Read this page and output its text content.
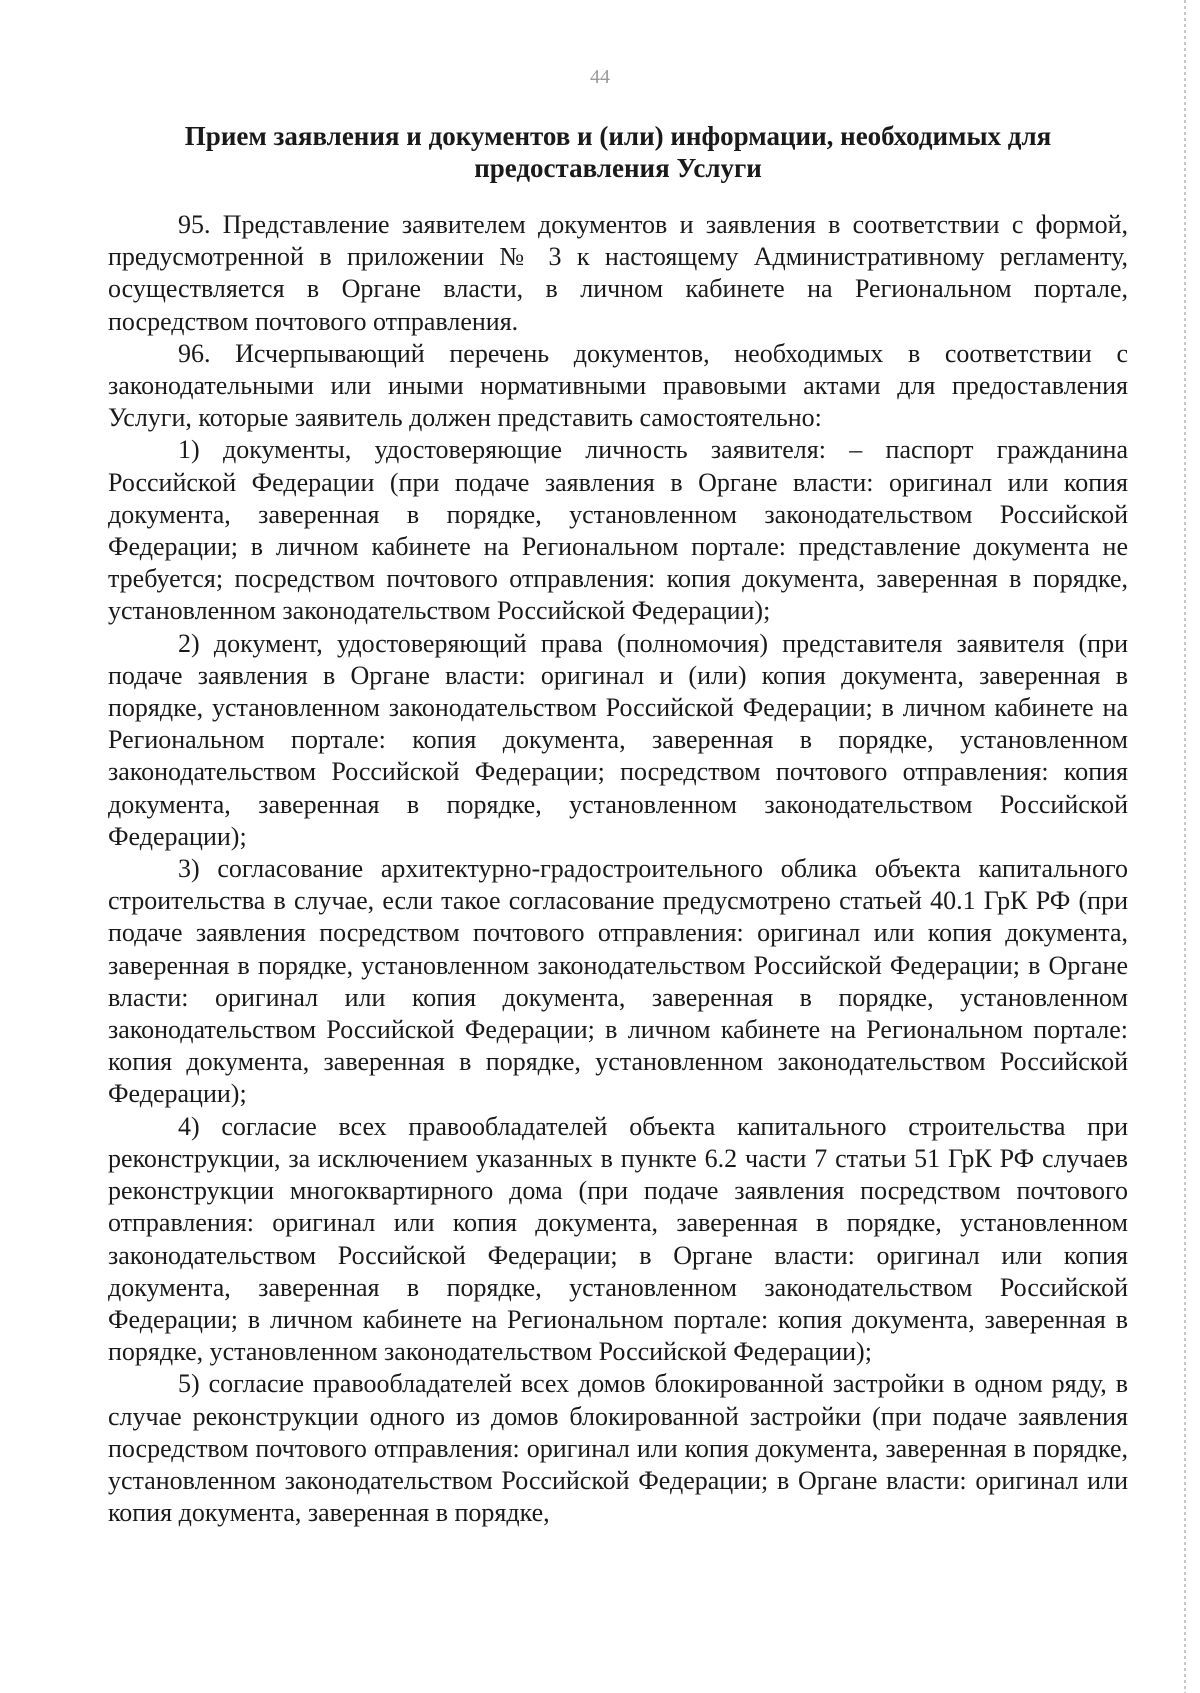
44
Прием заявления и документов и (или) информации, необходимых для
предоставления Услуги

95. Представление заявителем документов и заявления в соответствии с формой, предусмотренной в приложении № 3 к настоящему Административному регламенту, осуществляется в Органе власти, в личном кабинете на Региональном портале, посредством почтового отправления.

96. Исчерпывающий перечень документов, необходимых в соответствии с законодательными или иными нормативными правовыми актами для предоставления Услуги, которые заявитель должен представить самостоятельно:

1) документы, удостоверяющие личность заявителя: – паспорт гражданина Российской Федерации (при подаче заявления в Органе власти: оригинал или копия документа, заверенная в порядке, установленном законодательством Российской Федерации; в личном кабинете на Региональном портале: представление документа не требуется; посредством почтового отправления: копия документа, заверенная в порядке, установленном законодательством Российской Федерации);

2) документ, удостоверяющий права (полномочия) представителя заявителя (при подаче заявления в Органе власти: оригинал и (или) копия документа, заверенная в порядке, установленном законодательством Российской Федерации; в личном кабинете на Региональном портале: копия документа, заверенная в порядке, установленном законодательством Российской Федерации; посредством почтового отправления: копия документа, заверенная в порядке, установленном законодательством Российской Федерации);

3) согласование архитектурно-градостроительного облика объекта капитального строительства в случае, если такое согласование предусмотрено статьей 40.1 ГрК РФ (при подаче заявления посредством почтового отправления: оригинал или копия документа, заверенная в порядке, установленном законодательством Российской Федерации; в Органе власти: оригинал или копия документа, заверенная в порядке, установленном законодательством Российской Федерации; в личном кабинете на Региональном портале: копия документа, заверенная в порядке, установленном законодательством Российской Федерации);

4) согласие всех правообладателей объекта капитального строительства при реконструкции, за исключением указанных в пункте 6.2 части 7 статьи 51 ГрК РФ случаев реконструкции многоквартирного дома (при подаче заявления посредством почтового отправления: оригинал или копия документа, заверенная в порядке, установленном законодательством Российской Федерации; в Органе власти: оригинал или копия документа, заверенная в порядке, установленном законодательством Российской Федерации; в личном кабинете на Региональном портале: копия документа, заверенная в порядке, установленном законодательством Российской Федерации);

5) согласие правообладателей всех домов блокированной застройки в одном ряду, в случае реконструкции одного из домов блокированной застройки (при подаче заявления посредством почтового отправления: оригинал или копия документа, заверенная в порядке, установленном законодательством Российской Федерации; в Органе власти: оригинал или копия документа, заверенная в порядке,
